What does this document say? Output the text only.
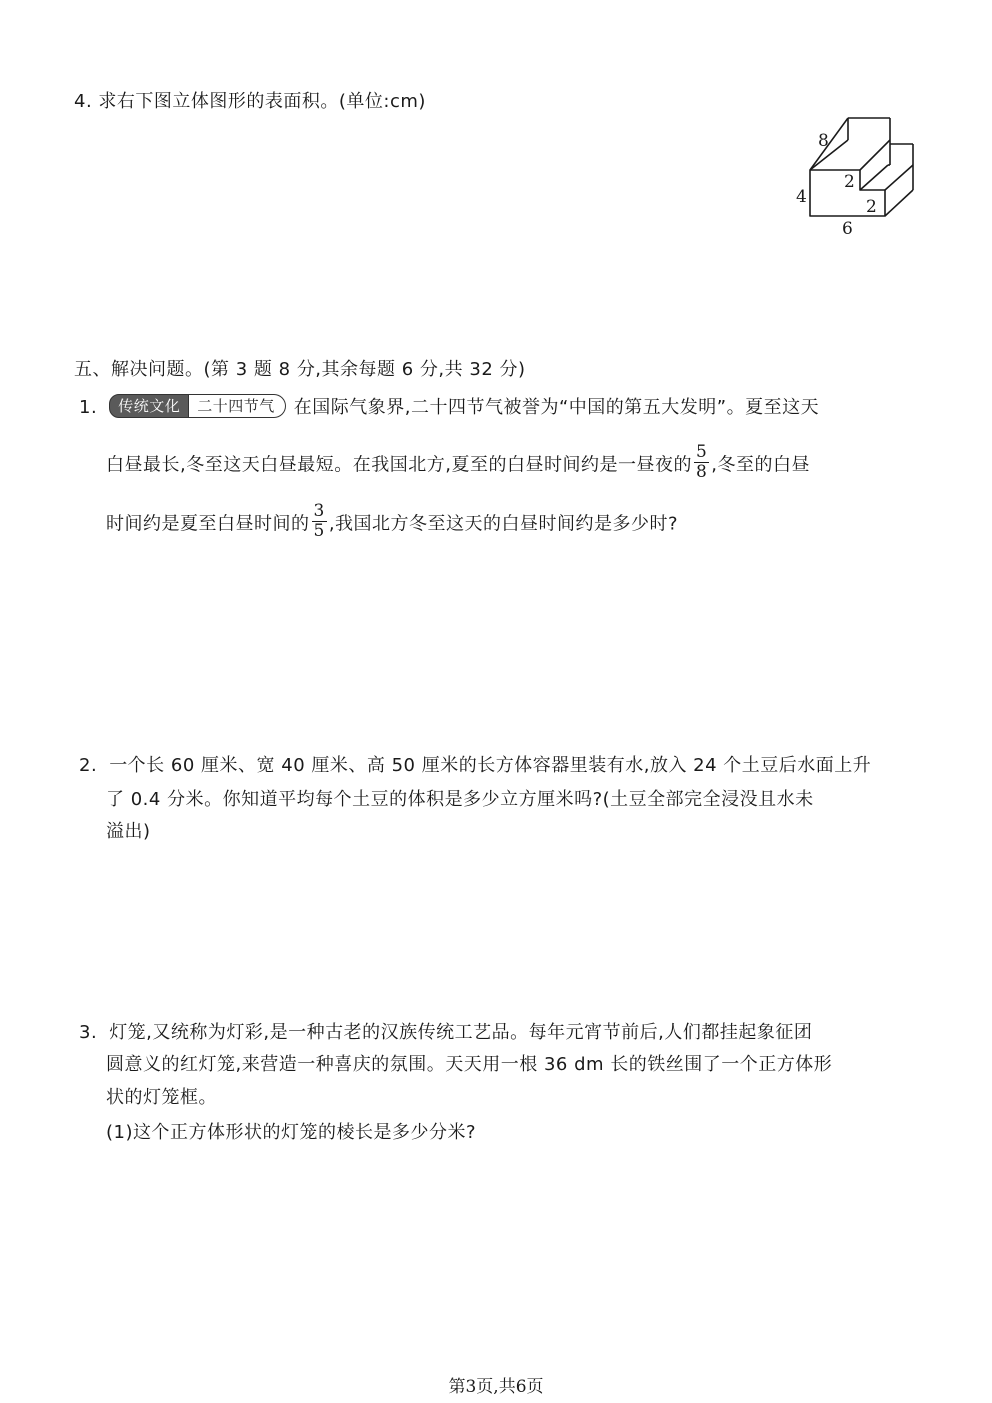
4. 求右下图立体图形的表面积。(单位:cm)
8
4
6
2
2
五、解决问题。(第 3 题 8 分,其余每题 6 分,共 32 分)
1.	传统文化	二十四节气	在国际气象界,二十四节气被誉为“中国的第五大发明”。夏至这天
白昼最长,冬至这天白昼最短。在我国北方,夏至的白昼时间约是一昼夜的 $\frac{5}{8}$ ,冬至的白昼
时间约是夏至白昼时间的 $\frac{3}{5}$ ,我国北方冬至这天的白昼时间约是多少时?
2. 一个长 60 厘米、宽 40 厘米、高 50 厘米的长方体容器里装有水,放入 24 个土豆后水面上升
了 0.4 分米。你知道平均每个土豆的体积是多少立方厘米吗?(土豆全部完全浸没且水未
溢出)
3. 灯笼,又统称为灯彩,是一种古老的汉族传统工艺品。每年元宵节前后,人们都挂起象征团
圆意义的红灯笼,来营造一种喜庆的氛围。天天用一根 36 dm 长的铁丝围了一个正方体形
状的灯笼框。
(1)这个正方体形状的灯笼的棱长是多少分米?
第3页,共6页
